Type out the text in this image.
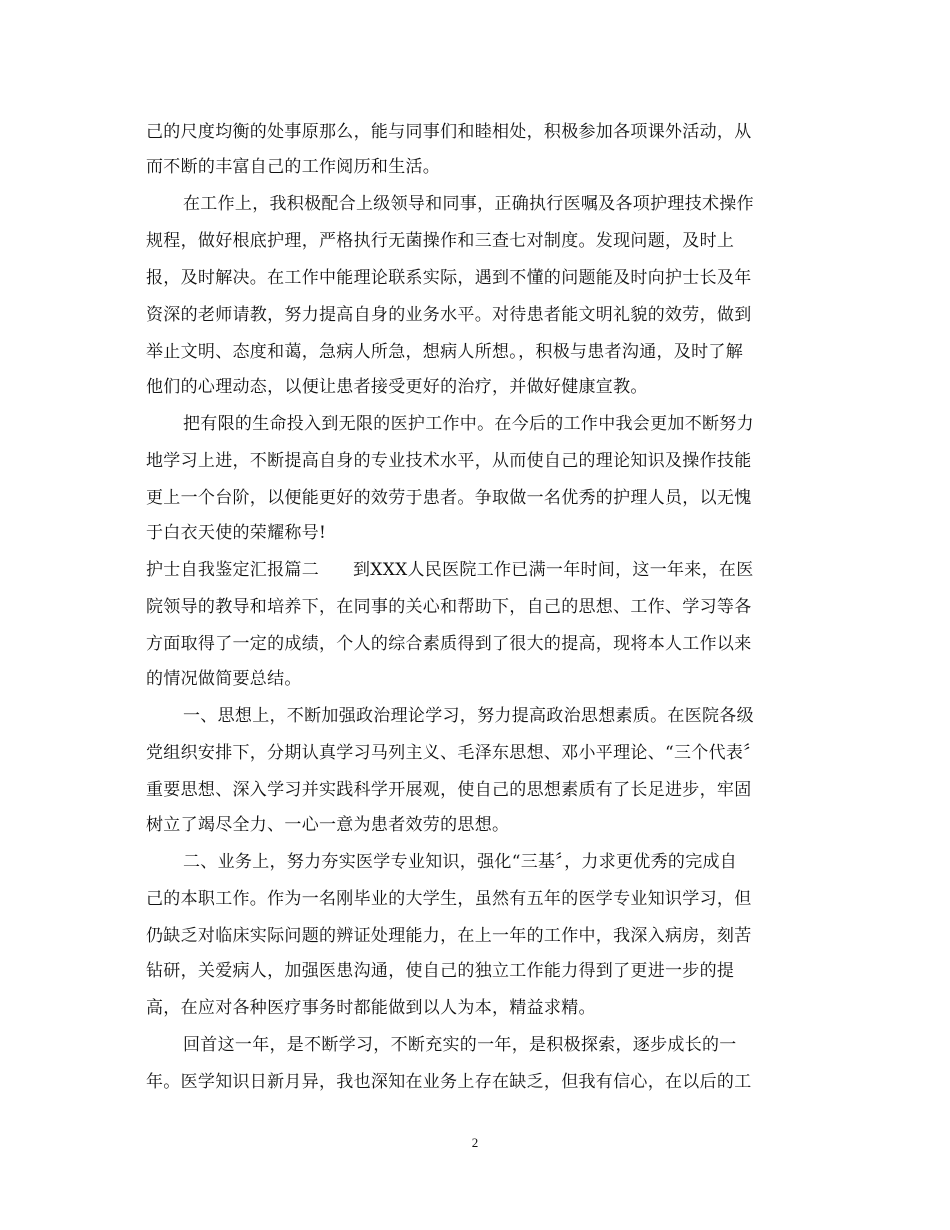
己的尺度均衡的处事原那么，能与同事们和睦相处，积极参加各项课外活动，从
而不断的丰富自己的工作阅历和生活。
在工作上，我积极配合上级领导和同事，正确执行医嘱及各项护理技术操作
规程，做好根底护理，严格执行无菌操作和三查七对制度。发现问题，及时上
报，及时解决。在工作中能理论联系实际，遇到不懂的问题能及时向护士长及年
资深的老师请教，努力提高自身的业务水平。对待患者能文明礼貌的效劳，做到
举止文明、态度和蔼，急病人所急，想病人所想。，积极与患者沟通，及时了解
他们的心理动态，以便让患者接受更好的治疗，并做好健康宣教。
把有限的生命投入到无限的医护工作中。在今后的工作中我会更加不断努力
地学习上进，不断提高自身的专业技术水平，从而使自己的理论知识及操作技能
更上一个台阶，以便能更好的效劳于患者。争取做一名优秀的护理人员，以无愧
于白衣天使的荣耀称号!
护士自我鉴定汇报篇二 到XXX人民医院工作已满一年时间，这一年来，在医
院领导的教导和培养下，在同事的关心和帮助下，自己的思想、工作、学习等各
方面取得了一定的成绩，个人的综合素质得到了很大的提高，现将本人工作以来
的情况做简要总结。
一、思想上，不断加强政治理论学习，努力提高政治思想素质。在医院各级
党组织安排下，分期认真学习马列主义、毛泽东思想、邓小平理论、“三个代表〞
重要思想、深入学习并实践科学开展观，使自己的思想素质有了长足进步，牢固
树立了竭尽全力、一心一意为患者效劳的思想。
二、业务上，努力夯实医学专业知识，强化“三基〞，力求更优秀的完成自
己的本职工作。作为一名刚毕业的大学生，虽然有五年的医学专业知识学习，但
仍缺乏对临床实际问题的辨证处理能力，在上一年的工作中，我深入病房，刻苦
钻研，关爱病人，加强医患沟通，使自己的独立工作能力得到了更进一步的提
高，在应对各种医疗事务时都能做到以人为本，精益求精。
回首这一年，是不断学习，不断充实的一年，是积极探索，逐步成长的一
年。医学知识日新月异，我也深知在业务上存在缺乏，但我有信心，在以后的工
2
